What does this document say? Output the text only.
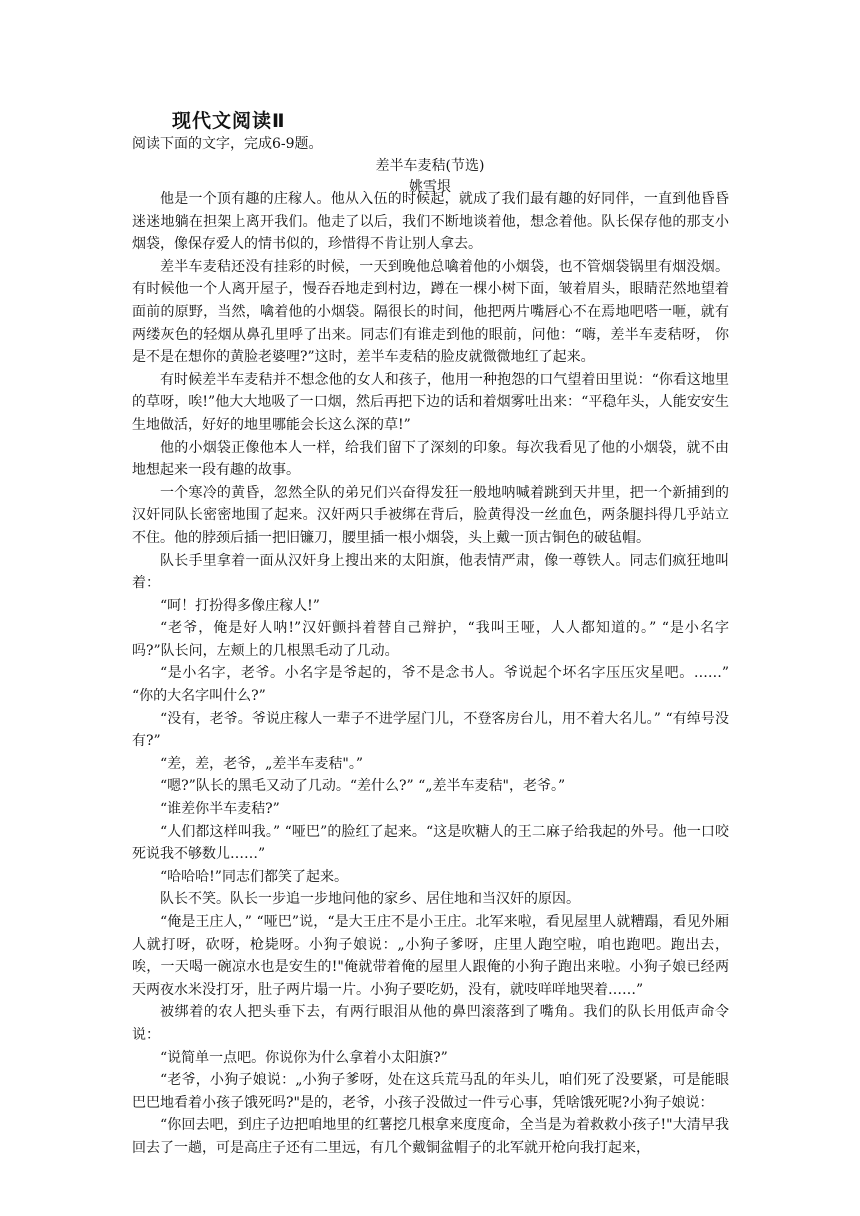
现代文阅读Ⅱ
阅读下面的文字，完成6-9题。
差半车麦秸(节选)
姚雪垠

他是一个顶有趣的庄稼人。他从入伍的时候起，就成了我们最有趣的好同伴，一直到他昏昏迷迷地躺在担架上离开我们。他走了以后，我们不断地谈着他，想念着他。队长保存他的那支小烟袋，像保存爱人的情书似的，珍惜得不肯让别人拿去。

差半车麦秸还没有挂彩的时候，一天到晚他总噙着他的小烟袋，也不管烟袋锅里有烟没烟。有时候他一个人离开屋子，慢吞吞地走到村边，蹲在一棵小树下面，皱着眉头，眼睛茫然地望着面前的原野，当然，噙着他的小烟袋。隔很长的时间，他把两片嘴唇心不在焉地吧嗒一咂，就有两缕灰色的轻烟从鼻孔里呼了出来。同志们有谁走到他的眼前，问他：“嗨，差半车麦秸呀， 你是不是在想你的黄脸老婆哩?”这时，差半车麦秸的脸皮就微微地红了起来。

有时候差半车麦秸并不想念他的女人和孩子，他用一种抱怨的口气望着田里说：“你看这地里的草呀，唉!”他大大地吸了一口烟，然后再把下边的话和着烟雾吐出来：“平稳年头，人能安安生生地做活，好好的地里哪能会长这么深的草!”

他的小烟袋正像他本人一样，给我们留下了深刻的印象。每次我看见了他的小烟袋，就不由地想起来一段有趣的故事。

一个寒冷的黄昏，忽然全队的弟兄们兴奋得发狂一般地呐喊着跳到天井里，把一个新捕到的汉奸同队长密密地围了起来。汉奸两只手被绑在背后，脸黄得没一丝血色，两条腿抖得几乎站立不住。他的脖颈后插一把旧镰刀，腰里插一根小烟袋，头上戴一顶古铜色的破毡帽。

队长手里拿着一面从汉奸身上搜出来的太阳旗，他表情严肃，像一尊铁人。同志们疯狂地叫着：

“呵！打扮得多像庄稼人!”

“老爷，俺是好人呐!”汉奸颤抖着替自己辩护，“我叫王哑，人人都知道的。” “是小名字吗?”队长问，左颊上的几根黑毛动了几动。

“是小名字，老爷。小名字是爷起的，爷不是念书人。爷说起个坏名字压压灾星吧。……” “你的大名字叫什么?”

“没有，老爷。爷说庄稼人一辈子不进学屋门儿，不登客房台儿，用不着大名儿。” “有绰号没有?”

“差，差，老爷，„差半车麦秸"。”

“嗯?”队长的黑毛又动了几动。“差什么?” “„差半车麦秸"，老爷。”

“谁差你半车麦秸?”

“人们都这样叫我。” “哑巴”的脸红了起来。“这是吹糖人的王二麻子给我起的外号。他一口咬死说我不够数儿……”

“哈哈哈!”同志们都笑了起来。

队长不笑。队长一步追一步地问他的家乡、居住地和当汉奸的原因。

“俺是王庄人，” “哑巴”说，“是大王庄不是小王庄。北军来啦，看见屋里人就糟蹋，看见外厢人就打呀，砍呀，枪毙呀。小狗子娘说：„小狗子爹呀，庄里人跑空啦，咱也跑吧。跑出去， 唉，一天喝一碗凉水也是安生的!"俺就带着俺的屋里人跟俺的小狗子跑出来啦。小狗子娘已经两天两夜水米没打牙，肚子两片塌一片。小狗子要吃奶，没有，就吱咩咩地哭着……”

被绑着的农人把头垂下去，有两行眼泪从他的鼻凹滚落到了嘴角。我们的队长用低声命令说：

“说简单一点吧。你说你为什么拿着小太阳旗?”

“老爷，小狗子娘说：„小狗子爹呀，处在这兵荒马乱的年头儿，咱们死了没要紧，可是能眼巴巴地看着小孩子饿死吗?"是的，老爷，小孩子没做过一件亏心事，凭啥饿死呢?小狗子娘说：

“你回去吧，到庄子边把咱地里的红薯挖几根拿来度度命，全当是为着救救小孩子!"大清早我回去了一趟，可是高庄子还有二里远，有几个戴铜盆帽子的北军就开枪向我打起来，
